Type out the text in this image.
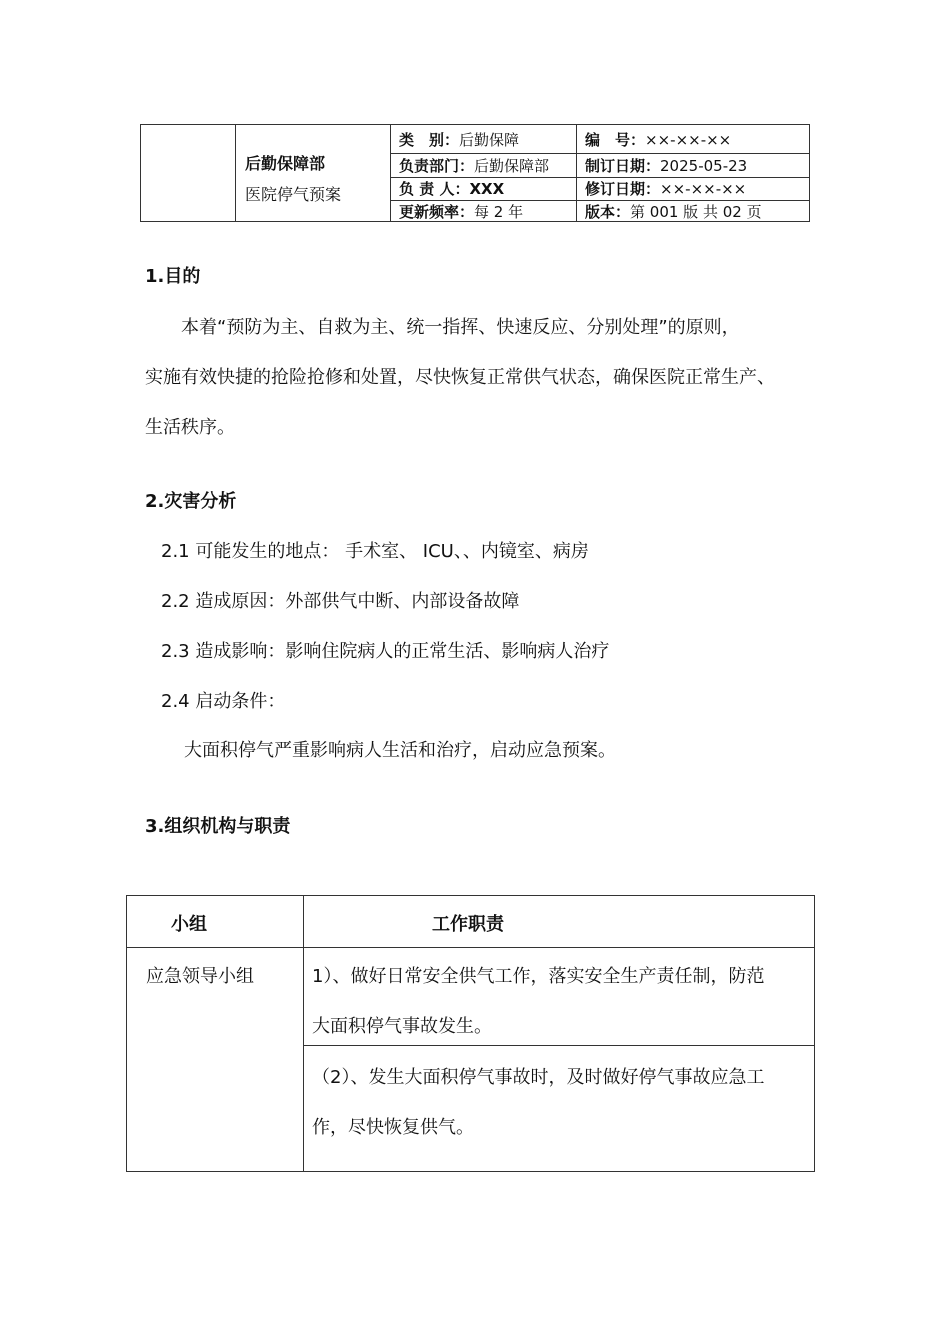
后勤保障部
医院停气预案
类　别：后勤保障	编　号：××-××-××
负责部门：后勤保障部 制订日期：2025-05-23
负 责 人：XXX	修订日期：××-××-××
更新频率：每 2 年	版本：第 001 版 共 02 页
1.目的
本着“预防为主、自救为主、统一指挥、快速反应、分别处理”的原则，
实施有效快捷的抢险抢修和处置，尽快恢复正常供气状态，确保医院正常生产、
生活秩序。
2.灾害分析
2.1 可能发生的地点： 手术室、 ICU、、内镜室、病房
2.2 造成原因：外部供气中断、内部设备故障
2.3 造成影响：影响住院病人的正常生活、影响病人治疗
2.4 启动条件：
大面积停气严重影响病人生活和治疗，启动应急预案。
3.组织机构与职责
小组	工作职责
应急领导小组	1）、做好日常安全供气工作，落实安全生产责任制，防范
大面积停气事故发生。
（2）、发生大面积停气事故时，及时做好停气事故应急工
作，尽快恢复供气。
